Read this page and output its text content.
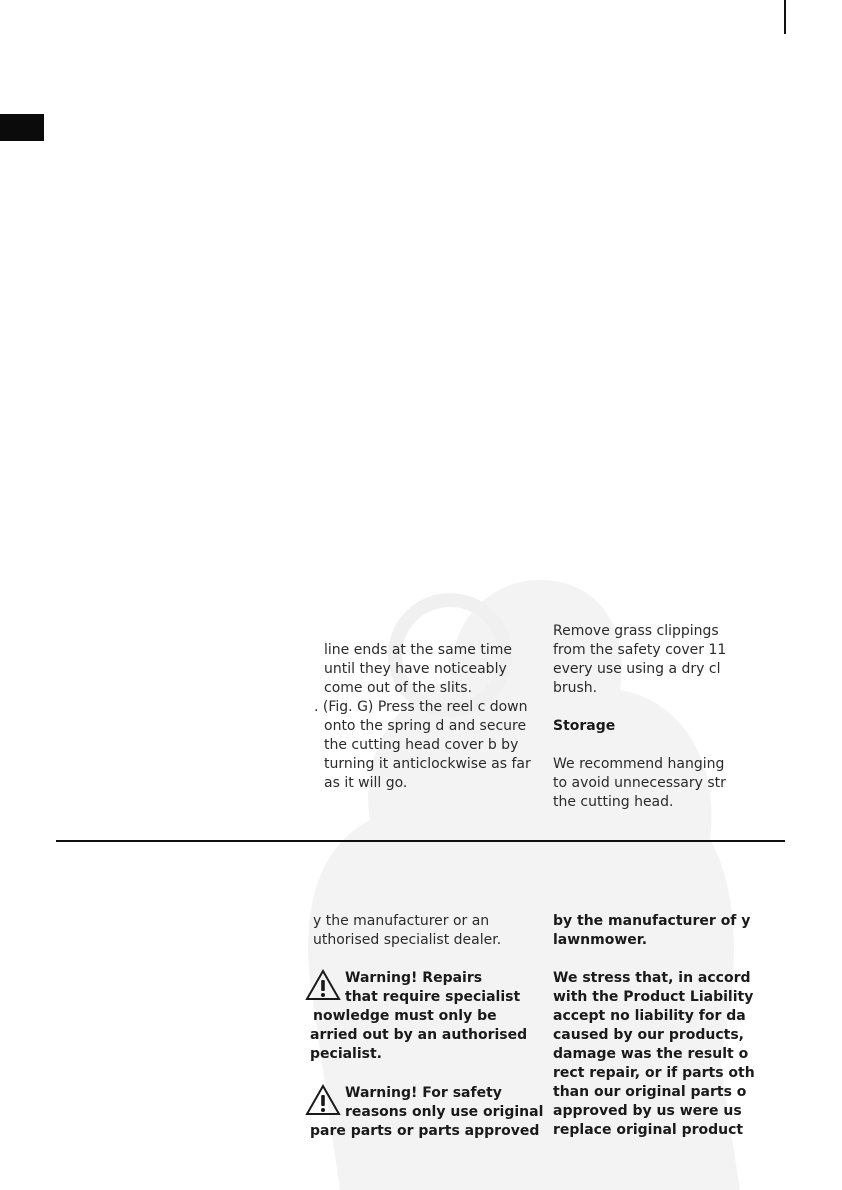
line ends at the same time
until they have noticeably
come out of the slits.
. (Fig. G) Press the reel c down
onto the spring d and secure
the cutting head cover b by
turning it anticlockwise as far
as it will go.
Remove grass clippings
from the safety cover 11
every use using a dry cl
brush.
Storage
We recommend hanging
to avoid unnecessary str
the cutting head.
y the manufacturer or an
uthorised specialist dealer.
Warning! Repairs
that require specialist
nowledge must only be
arried out by an authorised
pecialist.
Warning! For safety
reasons only use original
pare parts or parts approved
by the manufacturer of y
lawnmower.
We stress that, in accord
with the Product Liability
accept no liability for da
caused by our products,
damage was the result o
rect repair, or if parts oth
than our original parts o
approved by us were us
replace original product
